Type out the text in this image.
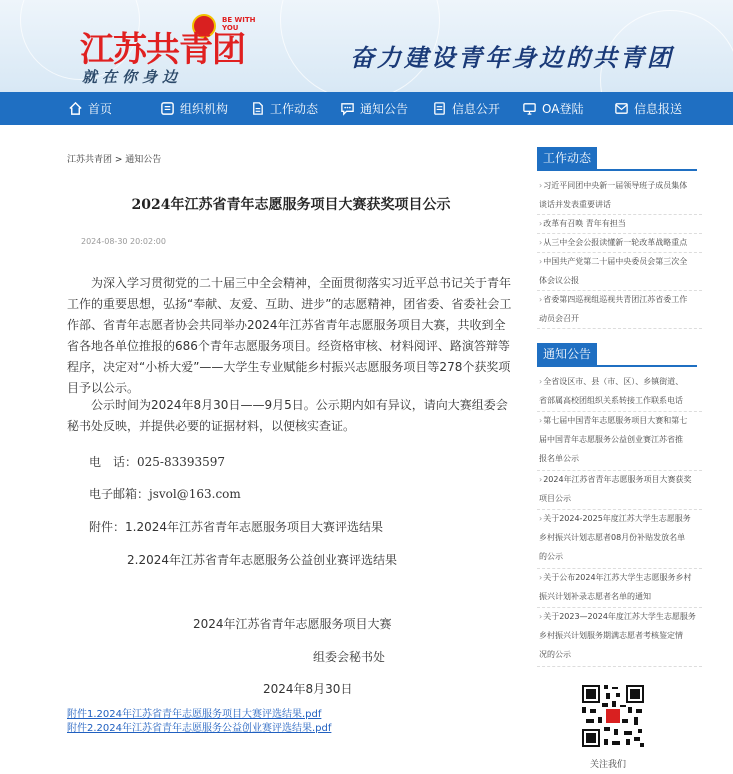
BE WITH YOU
江苏共青团
就在你身边
奋力建设青年身边的共青团
首页	组织机构	工作动态	通知公告	信息公开	OA登陆	信息报送
江苏共青团 > 通知公告
2024年江苏省青年志愿服务项目大赛获奖项目公示
2024-08-30 20:02:00
为深入学习贯彻党的二十届三中全会精神，全面贯彻落实习近平总书记关于青年工作的重要思想，弘扬“奉献、友爱、互助、进步”的志愿精神，团省委、省委社会工作部、省青年志愿者协会共同举办2024年江苏省青年志愿服务项目大赛，共收到全省各地各单位推报的686个青年志愿服务项目。经资格审核、材料阅评、路演答辩等程序，决定对“小桥大爱”——大学生专业赋能乡村振兴志愿服务项目等278个获奖项目予以公示。
公示时间为2024年8月30日——9月5日。公示期内如有异议，请向大赛组委会秘书处反映，并提供必要的证据材料，以便核实查证。
电　话：025-83393597
电子邮箱：jsvol@163.com
附件：1.2024年江苏省青年志愿服务项目大赛评选结果
2.2024年江苏省青年志愿服务公益创业赛评选结果
2024年江苏省青年志愿服务项目大赛
组委会秘书处
2024年8月30日
附件1.2024年江苏省青年志愿服务项目大赛评选结果.pdf
附件2.2024年江苏省青年志愿服务公益创业赛评选结果.pdf
工作动态
›习近平同团中央新一届领导班子成员集体
谈话并发表重要讲话
›改革有召唤 青年有担当
›从三中全会公报读懂新一轮改革战略重点
›中国共产党第二十届中央委员会第三次全
体会议公报
›省委第四巡视组巡视共青团江苏省委工作
动员会召开
通知公告
›全省设区市、县（市、区）、乡镇街道、
省部属高校团组织关系转接工作联系电话
›第七届中国青年志愿服务项目大赛和第七
届中国青年志愿服务公益创业赛江苏省推
报名单公示
›2024年江苏省青年志愿服务项目大赛获奖
项目公示
›关于2024-2025年度江苏大学生志愿服务
乡村振兴计划志愿者08月份补贴发放名单
的公示
›关于公布2024年江苏大学生志愿服务乡村
振兴计划补录志愿者名单的通知
›关于2023—2024年度江苏大学生志愿服务
乡村振兴计划服务期满志愿者考核鉴定情
况的公示
关注我们
